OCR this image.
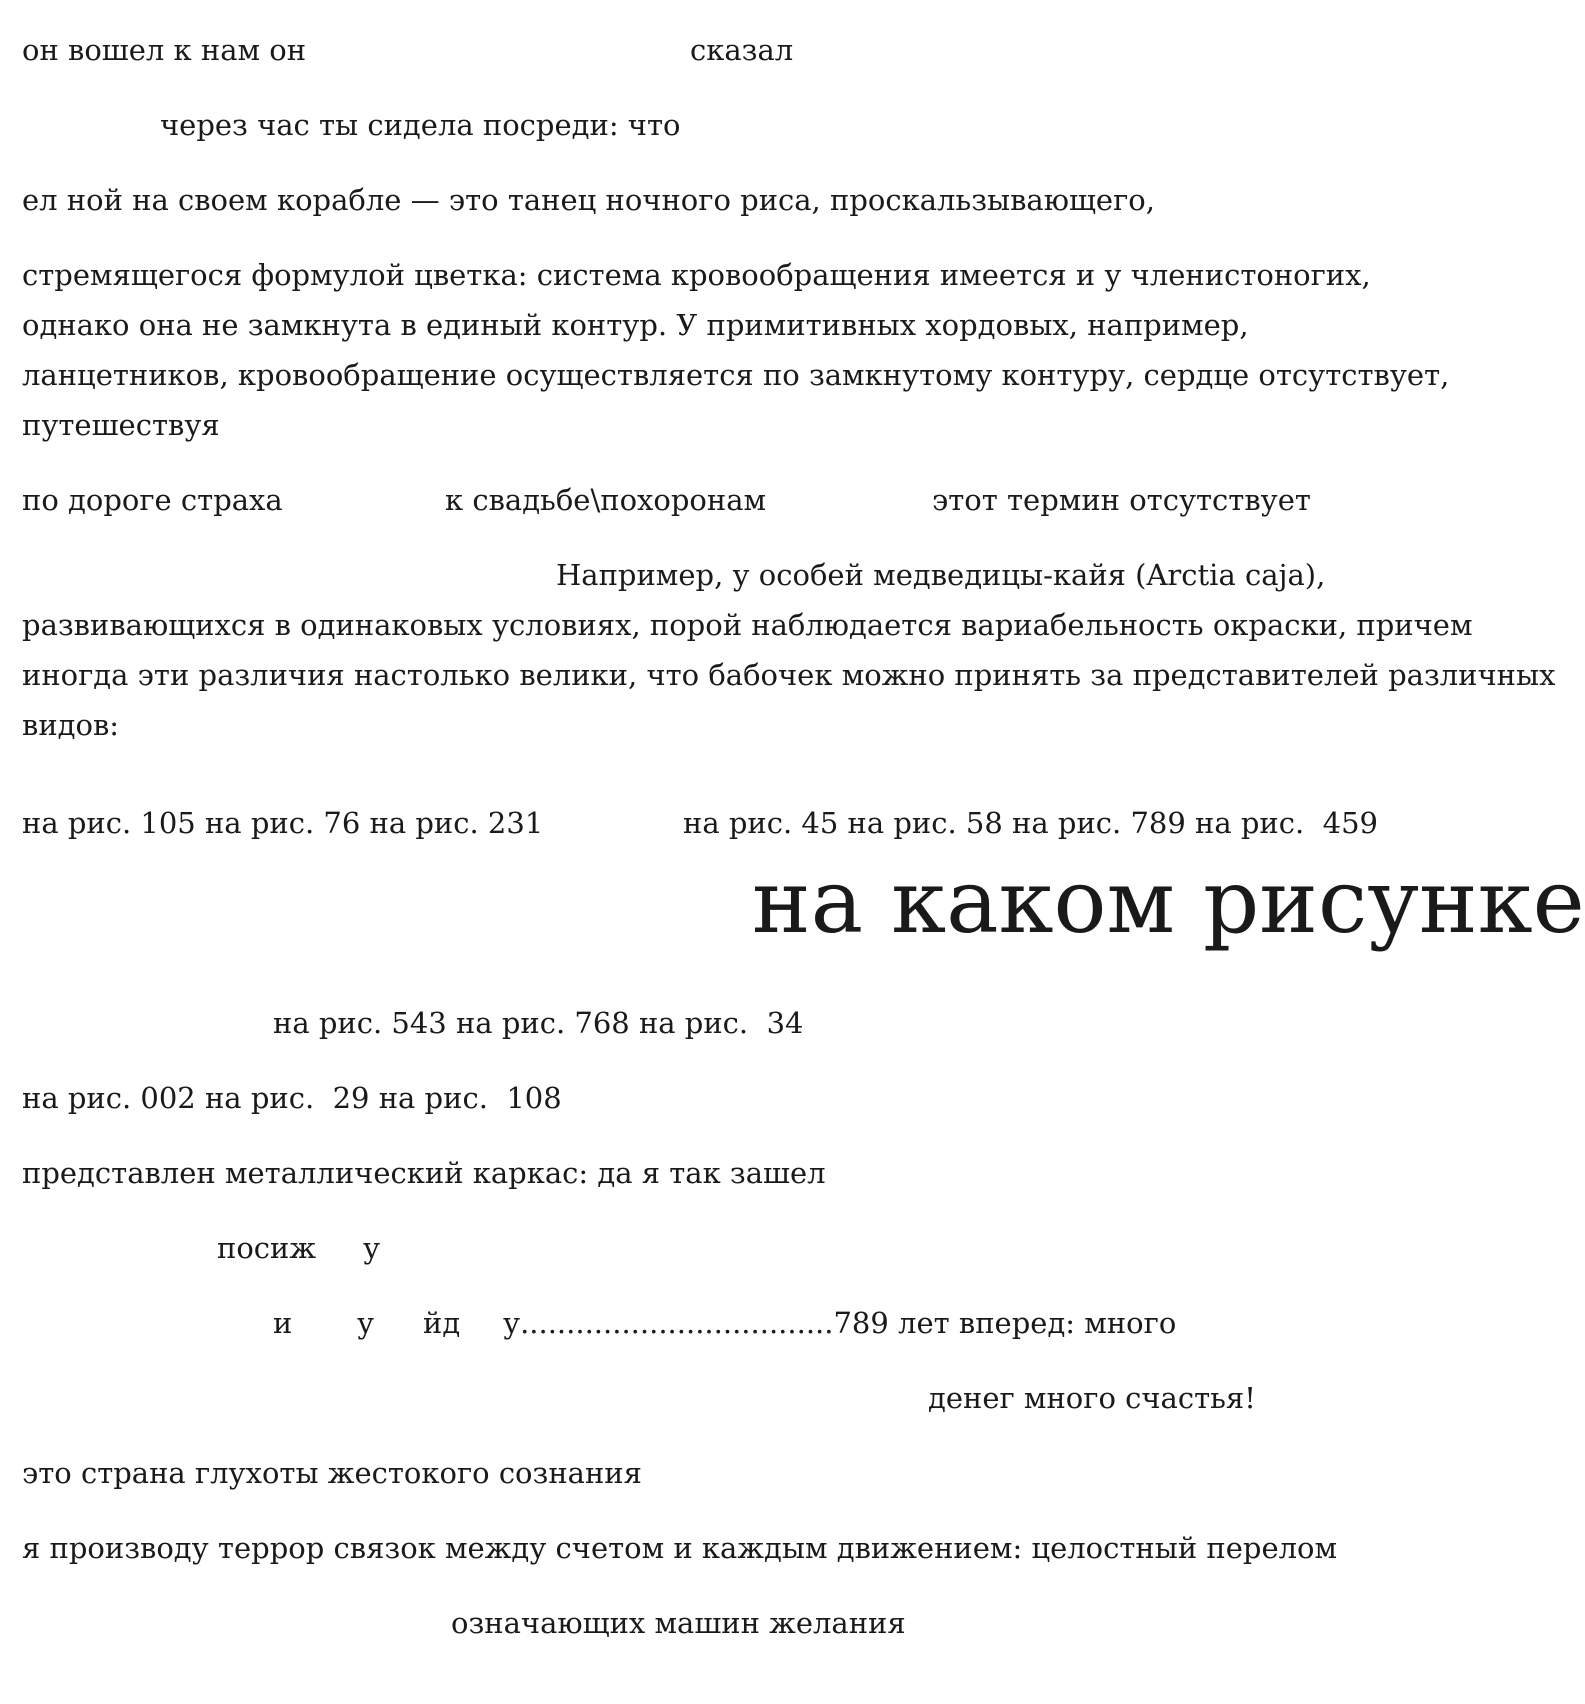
он вошел к нам он	сказал
через час ты сидела посреди: что
ел ной на своем корабле — это танец ночного риса, проскальзывающего,
стремящегося формулой цветка: система кровообращения имеется и у членистоногих,
однако она не замкнута в единый контур. У примитивных хордовых, например,
ланцетников, кровообращение осуществляется по замкнутому контуру, сердце отсутствует,
путешествуя
по дороге страха	к свадьбе\похоронам	этот термин отсутствует
Например, у особей медведицы-кайя (Arctia caja),
развивающихся в одинаковых условиях, порой наблюдается вариабельность окраски, причем
иногда эти различия настолько велики, что бабочек можно принять за представителей различных
видов:
на рис. 105 на рис. 76 на рис. 231	на рис. 45 на рис. 58 на рис. 789 на рис.  459
на каком рисунке
на рис. 543 на рис. 768 на рис.  34
на рис. 002 на рис.  29 на рис.  108
представлен металлический каркас: да я так зашел
посиж у
и у йд у..................................789 лет вперед: много
денег много счастья!
это страна глухоты жестокого сознания
я производу террор связок между счетом и каждым движением: целостный перелом
означающих машин желания
